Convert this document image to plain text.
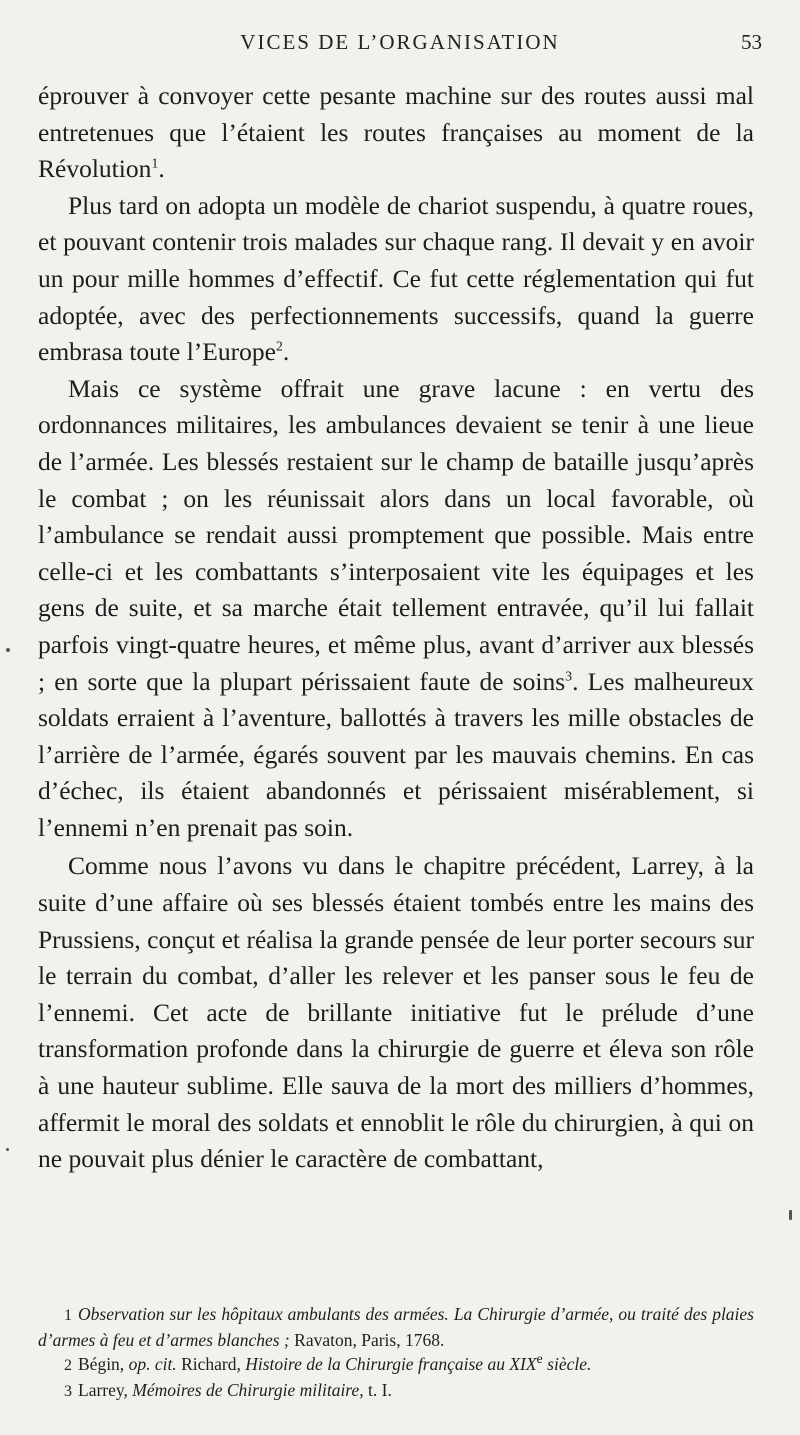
VICES DE L’ORGANISATION	53

éprouver à convoyer cette pesante machine sur des routes aussi mal entretenues que l’étaient les routes françaises au moment de la Révolution$^1$.

Plus tard on adopta un modèle de chariot suspendu, à quatre roues, et pouvant contenir trois malades sur chaque rang. Il devait y en avoir un pour mille hommes d’effectif. Ce fut cette réglementation qui fut adoptée, avec des perfectionnements successifs, quand la guerre embrasa toute l’Europe$^2$.

Mais ce système offrait une grave lacune : en vertu des ordonnances militaires, les ambulances devaient se tenir à une lieue de l’armée. Les blessés restaient sur le champ de bataille jusqu’après le combat ; on les réunissait alors dans un local favorable, où l’ambulance se rendait aussi promptement que possible. Mais entre celle-ci et les combattants s’interposaient vite les équipages et les gens de suite, et sa marche était tellement entravée, qu’il lui fallait parfois vingt-quatre heures, et même plus, avant d’arriver aux blessés ; en sorte que la plupart périssaient faute de soins$^3$. Les malheureux soldats erraient à l’aventure, ballottés à travers les mille obstacles de l’arrière de l’armée, égarés souvent par les mauvais chemins. En cas d’échec, ils étaient abandonnés et périssaient misérablement, si l’ennemi n’en prenait pas soin.

Comme nous l’avons vu dans le chapitre précédent, Larrey, à la suite d’une affaire où ses blessés étaient tombés entre les mains des Prussiens, conçut et réalisa la grande pensée de leur porter secours sur le terrain du combat, d’aller les relever et les panser sous le feu de l’ennemi. Cet acte de brillante initiative fut le prélude d’une transformation profonde dans la chirurgie de guerre et éleva son rôle à une hauteur sublime. Elle sauva de la mort des milliers d’hommes, affermit le moral des soldats et ennoblit le rôle du chirurgien, à qui on ne pouvait plus dénier le caractère de combattant,

1 Observation sur les hôpitaux ambulants des armées. La Chirurgie d’armée, ou traité des plaies d’armes à feu et d’armes blanches ; Ravaton, Paris, 1768.

2 Bégin, op. cit. Richard, Histoire de la Chirurgie française au XIXe siècle.

3 Larrey, Mémoires de Chirurgie militaire, t. I.
